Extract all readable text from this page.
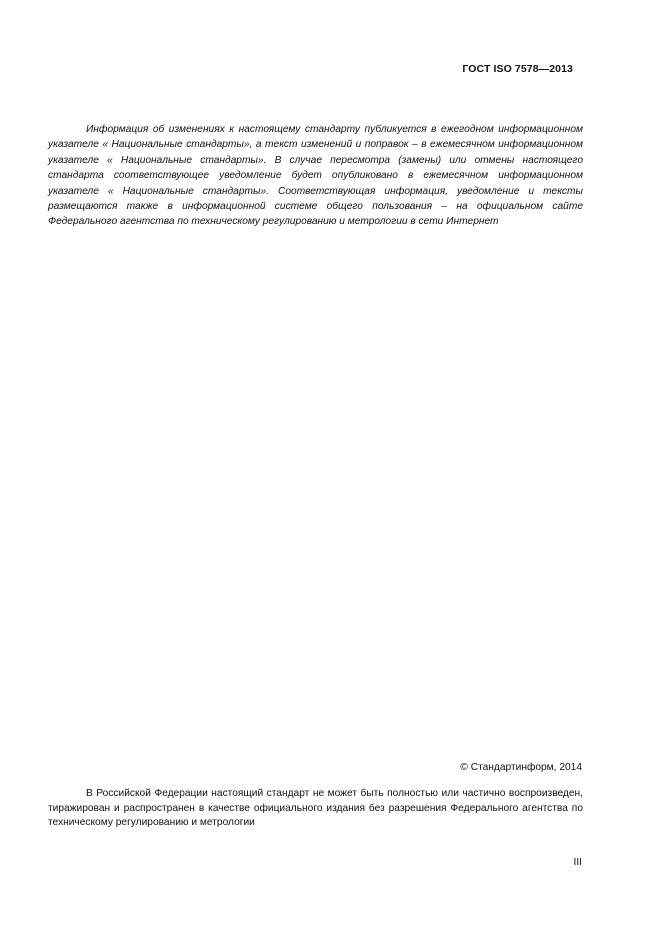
ГОСТ ISO 7578—2013

Информация об изменениях к настоящему стандарту публикуется в ежегодном информационном указателе « Национальные стандарты», а текст изменений и поправок – в ежемесячном информационном указателе « Национальные стандарты». В случае пересмотра (замены) или отмены настоящего стандарта соответствующее уведомление будет опубликовано в ежемесячном информационном указателе « Национальные стандарты». Соответствующая информация, уведомление и тексты размещаются также в информационной системе общего пользования – на официальном сайте Федерального агентства по техническому регулированию и метрологии в сети Интернет

© Стандартинформ, 2014

В Российской Федерации настоящий стандарт не может быть полностью или частично воспроизведен, тиражирован и распространен в качестве официального издания без разрешения Федерального агентства по техническому регулированию и метрологии

III
